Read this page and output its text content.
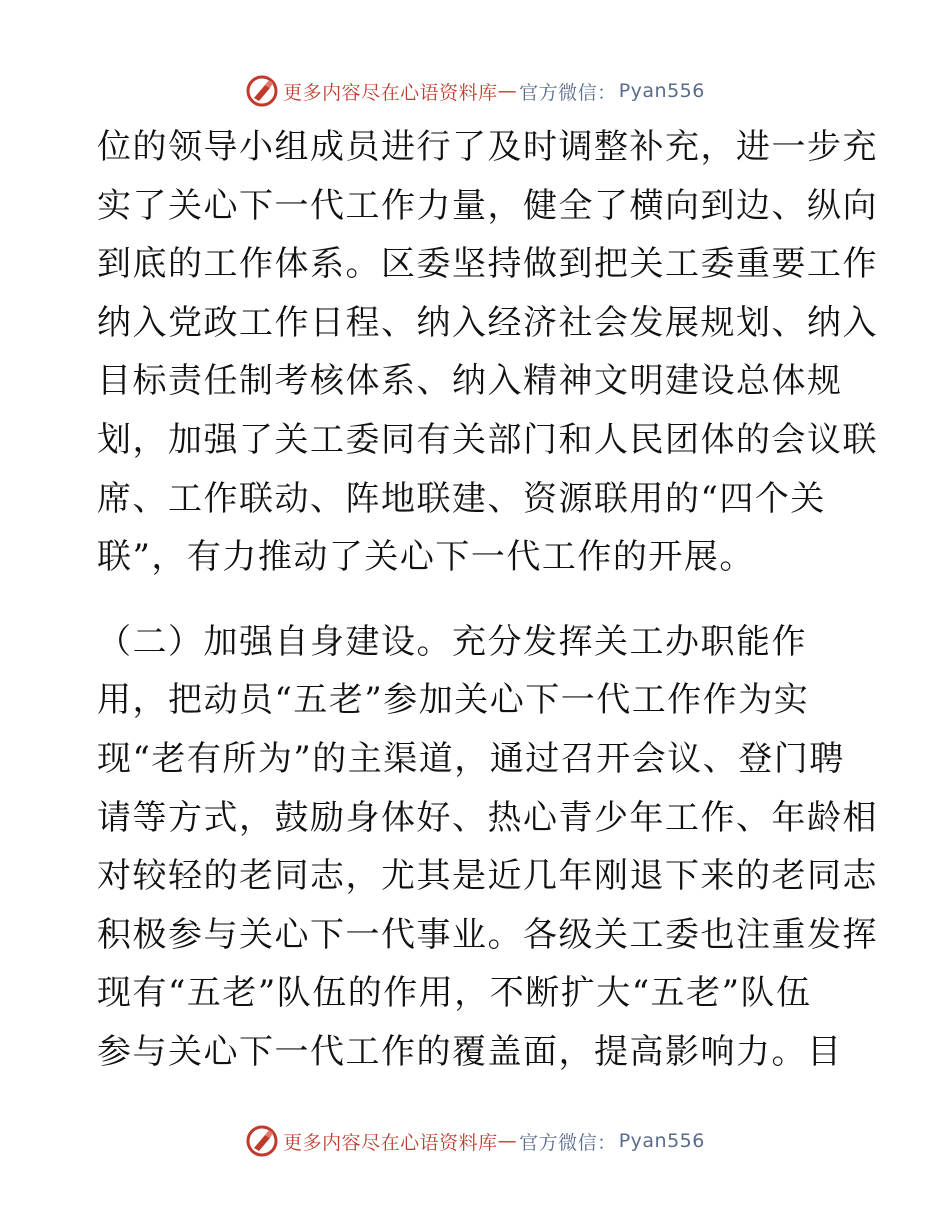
更多内容尽在心语资料库 — 官方微信： Pyan556
位的领导小组成员进行了及时调整补充，进一步充
实了关心下一代工作力量，健全了横向到边、纵向
到底的工作体系。区委坚持做到把关工委重要工作
纳入党政工作日程、纳入经济社会发展规划、纳入
目标责任制考核体系、纳入精神文明建设总体规
划，加强了关工委同有关部门和人民团体的会议联
席、工作联动、阵地联建、资源联用的“四个关
联”，有力推动了关心下一代工作的开展。
（二）加强自身建设。充分发挥关工办职能作
用，把动员“五老”参加关心下一代工作作为实
现“老有所为”的主渠道，通过召开会议、登门聘
请等方式，鼓励身体好、热心青少年工作、年龄相
对较轻的老同志，尤其是近几年刚退下来的老同志
积极参与关心下一代事业。各级关工委也注重发挥
现有“五老”队伍的作用，不断扩大“五老”队伍
参与关心下一代工作的覆盖面，提高影响力。目
更多内容尽在心语资料库 — 官方微信： Pyan556
